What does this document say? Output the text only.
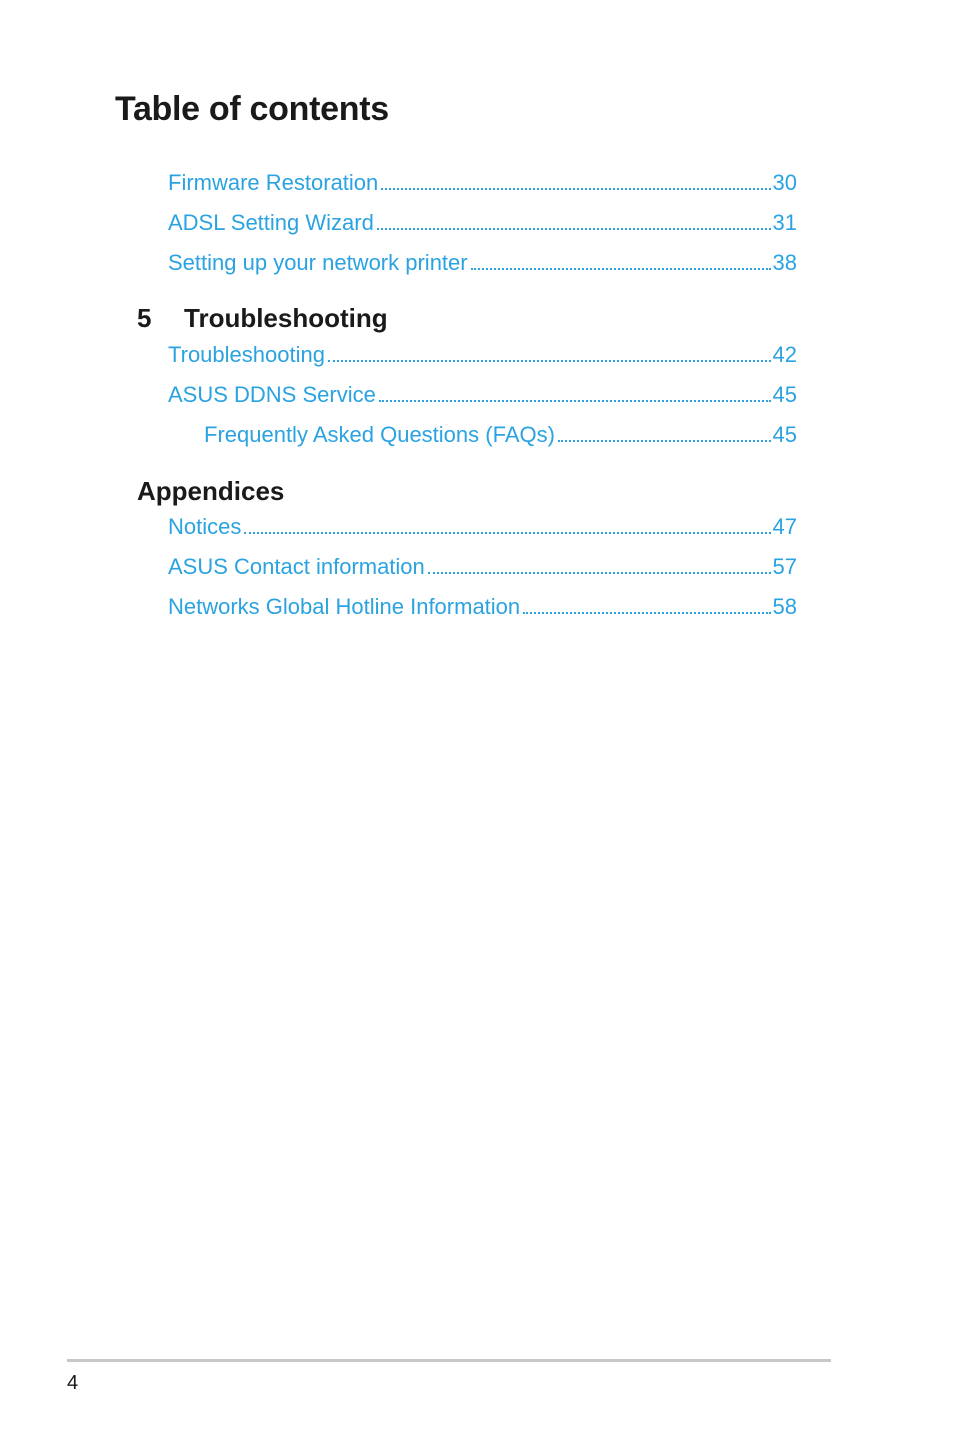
Table of contents
Firmware Restoration	30
ADSL Setting Wizard	31
Setting up your network printer	38
5	Troubleshooting
Troubleshooting	42
ASUS DDNS Service	45
Frequently Asked Questions (FAQs)	45
Appendices
Notices	47
ASUS Contact information	57
Networks Global Hotline Information	58
4
